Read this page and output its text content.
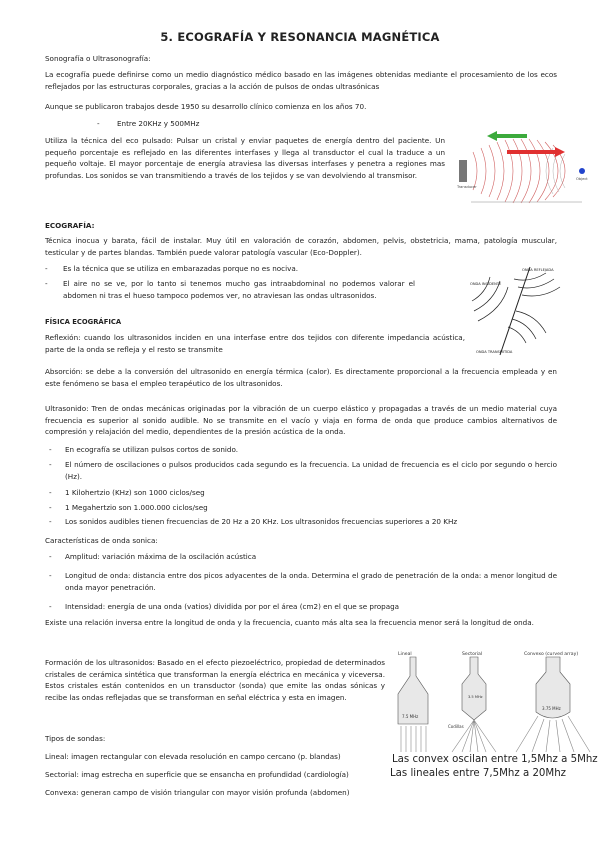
5. ECOGRAFÍA Y RESONANCIA MAGNÉTICA
Sonografía o Ultrasonografía:
La ecografía puede definirse como un medio diagnóstico médico basado en las imágenes obtenidas mediante el procesamiento de los ecos reflejados por las estructuras corporales, gracias a la acción de pulsos de ondas ultrasónicas
Aunque se publicaron trabajos desde 1950 su desarrollo clínico comienza en los años 70.
- Entre 20KHz y 500MHz
Utiliza la técnica del eco pulsado: Pulsar un cristal y enviar paquetes de energía dentro del paciente. Un pequeño porcentaje es reflejado en las diferentes interfases y llega al transductor el cual la traduce a un pequeño voltaje. El mayor porcentaje de energía atraviesa las diversas interfases y penetra a regiones mas profundas. Los sonidos se van transmitiendo a través de los tejidos y se van devolviendo al transmisor.
Transducer
Object
ECOGRAFÍA:
Técnica inocua y barata, fácil de instalar. Muy útil en valoración de corazón, abdomen, pelvis, obstetricia, mama, patología muscular, testicular y de partes blandas. También puede valorar patología vascular (Eco-Doppler).
- Es la técnica que se utiliza en embarazadas porque no es nociva.
- El aire no se ve, por lo tanto si tenemos mucho gas intraabdominal no podemos valorar el abdomen ni tras el hueso tampoco podemos ver, no atraviesan las ondas ultrasonidos.
ONDA INCIDENTE
ONDA REFLEJADA
ONDA TRANSMITIDA
FÍSICA ECOGRÁFICA
Reflexión: cuando los ultrasonidos inciden en una interfase entre dos tejidos con diferente impedancia acústica, parte de la onda se refleja y el resto se transmite
Absorción: se debe a la conversión del ultrasonido en energía térmica (calor). Es directamente proporcional a la frecuencia empleada y en este fenómeno se basa el empleo terapéutico de los ultrasonidos.
Ultrasonido: Tren de ondas mecánicas originadas por la vibración de un cuerpo elástico y propagadas a través de un medio material cuya frecuencia es superior al sonido audible. No se transmite en el vacío y viaja en forma de onda que produce cambios alternativos de compresión y relajación del medio, dependientes de la presión acústica de la onda.
- En ecografía se utilizan pulsos cortos de sonido.
- El número de oscilaciones o pulsos producidos cada segundo es la frecuencia. La unidad de frecuencia es el ciclo por segundo o hercio (Hz).
- 1 Kilohertzio (KHz) son 1000 ciclos/seg
- 1 Megahertzio son 1.000.000 ciclos/seg
- Los sonidos audibles tienen frecuencias de 20 Hz a 20 KHz. Los ultrasonidos frecuencias superiores a 20 KHz
Características de onda sonica:
- Amplitud: variación máxima de la oscilación acústica
- Longitud de onda: distancia entre dos picos adyacentes de la onda. Determina el grado de penetración de la onda: a menor longitud de onda mayor penetración.
- Intensidad: energía de una onda (vatios) dividida por por el área (cm2) en el que se propaga
Existe una relación inversa entre la longitud de onda y la frecuencia, cuanto más alta sea la frecuencia menor será la longitud de onda.
Formación de los ultrasonidos: Basado en el efecto piezoeléctrico, propiedad de determinados cristales de cerámica sintética que transforman la energía eléctrica en mecánica y viceversa. Estos cristales están contenidos en un transductor (sonda) que emite las ondas sónicas y recibe las ondas reflejadas que se transforman en señal eléctrica y esta en imagen.
Tipos de sondas:
Lineal: imagen rectangular con elevada resolución en campo cercano (p. blandas)
Sectorial: imag estrecha en superficie que se ensancha en profundidad (cardiología)
Convexa: generan campo de visión triangular con mayor visión profunda (abdomen)
Lineal
7.5 MHz
Sectorial
3.5 MHz
Codillas
Convexo (curved array)
3.75 MHz
Las convex oscilan entre 1,5Mhz a 5Mhz
Las lineales entre 7,5Mhz a 20Mhz
